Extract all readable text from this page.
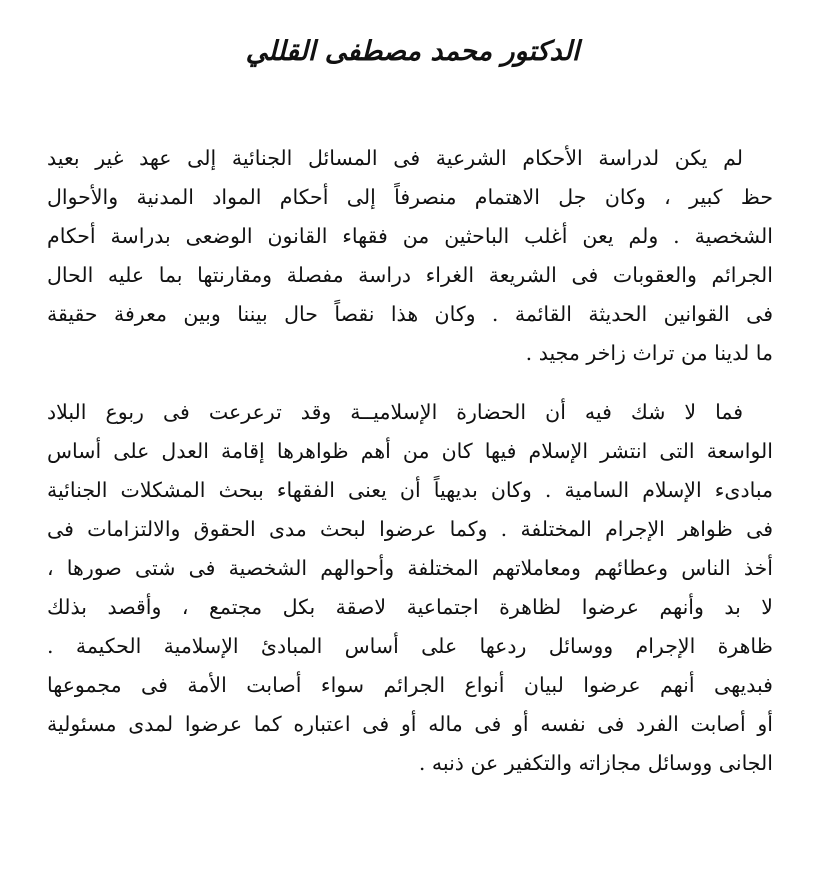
الدكتور محمد مصطفى القللي
لم يكن لدراسة الأحكام الشرعية فى المسائل الجنائية إلى عهد غير بعيد
حظ كبير ، وكان جل الاهتمام منصرفاً إلى أحكام المواد المدنية والأحوال
الشخصية . ولم يعن أغلب الباحثين من فقهاء القانون الوضعى بدراسة أحكام
الجرائم والعقوبات فى الشريعة الغراء دراسة مفصلة ومقارنتها بما عليه الحال
فى القوانين الحديثة القائمة . وكان هذا نقصاً حال بيننا وبين معرفة حقيقة
ما لدينا من تراث زاخر مجيد .
فما لا شك فيه أن الحضارة الإسلاميــة وقد ترعرعت فى ربوع البلاد
الواسعة التى انتشر الإسلام فيها كان من أهم ظواهرها إقامة العدل على أساس
مبادىء الإسلام السامية . وكان بديهياً أن يعنى الفقهاء ببحث المشكلات الجنائية
فى ظواهر الإجرام المختلفة . وكما عرضوا لبحث مدى الحقوق والالتزامات فى
أخذ الناس وعطائهم ومعاملاتهم المختلفة وأحوالهم الشخصية فى شتى صورها ،
لا بد وأنهم عرضوا لظاهرة اجتماعية لاصقة بكل مجتمع ، وأقصد بذلك
ظاهرة الإجرام ووسائل ردعها على أساس المبادئ الإسلامية الحكيمة .
فبديهى أنهم عرضوا لبيان أنواع الجرائم سواء أصابت الأمة فى مجموعها
أو أصابت الفرد فى نفسه أو فى ماله أو فى اعتباره كما عرضوا لمدى مسئولية
الجانى ووسائل مجازاته والتكفير عن ذنبه .
